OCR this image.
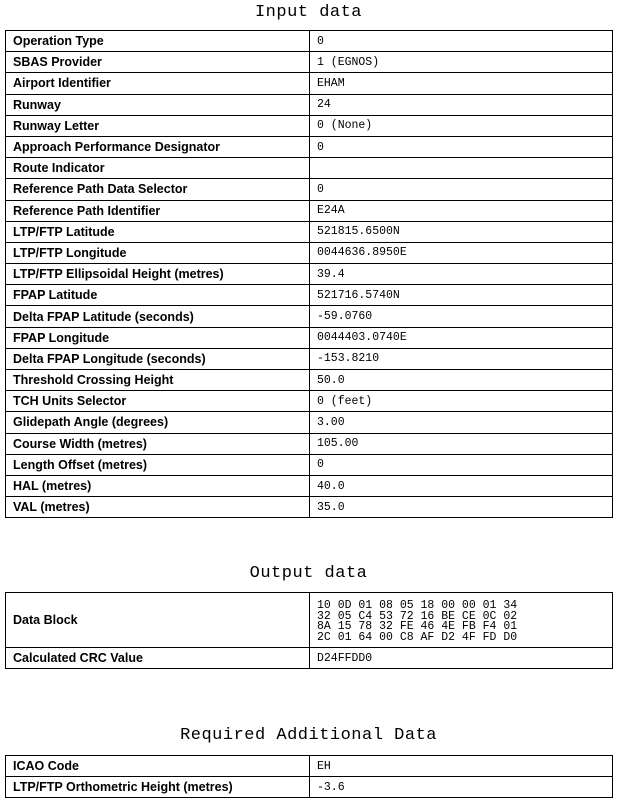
Input data
Operation Type	0
SBAS Provider	1 (EGNOS)
Airport Identifier	EHAM
Runway	24
Runway Letter	0 (None)
Approach Performance Designator	0
Route Indicator	
Reference Path Data Selector	0
Reference Path Identifier	E24A
LTP/FTP Latitude	521815.6500N
LTP/FTP Longitude	0044636.8950E
LTP/FTP Ellipsoidal Height (metres)	39.4
FPAP Latitude	521716.5740N
Delta FPAP Latitude (seconds)	-59.0760
FPAP Longitude	0044403.0740E
Delta FPAP Longitude (seconds)	-153.8210
Threshold Crossing Height	50.0
TCH Units Selector	0 (feet)
Glidepath Angle (degrees)	3.00
Course Width (metres)	105.00
Length Offset (metres)	0
HAL (metres)	40.0
VAL (metres)	35.0
Output data
Data Block	10 0D 01 08 05 18 00 00 01 34
32 05 C4 53 72 16 BE CE 0C 02
8A 15 78 32 FE 46 4E FB F4 01
2C 01 64 00 C8 AF D2 4F FD D0

Calculated CRC Value	D24FFDD0
Required Additional Data
ICAO Code	EH
LTP/FTP Orthometric Height (metres)	-3.6
